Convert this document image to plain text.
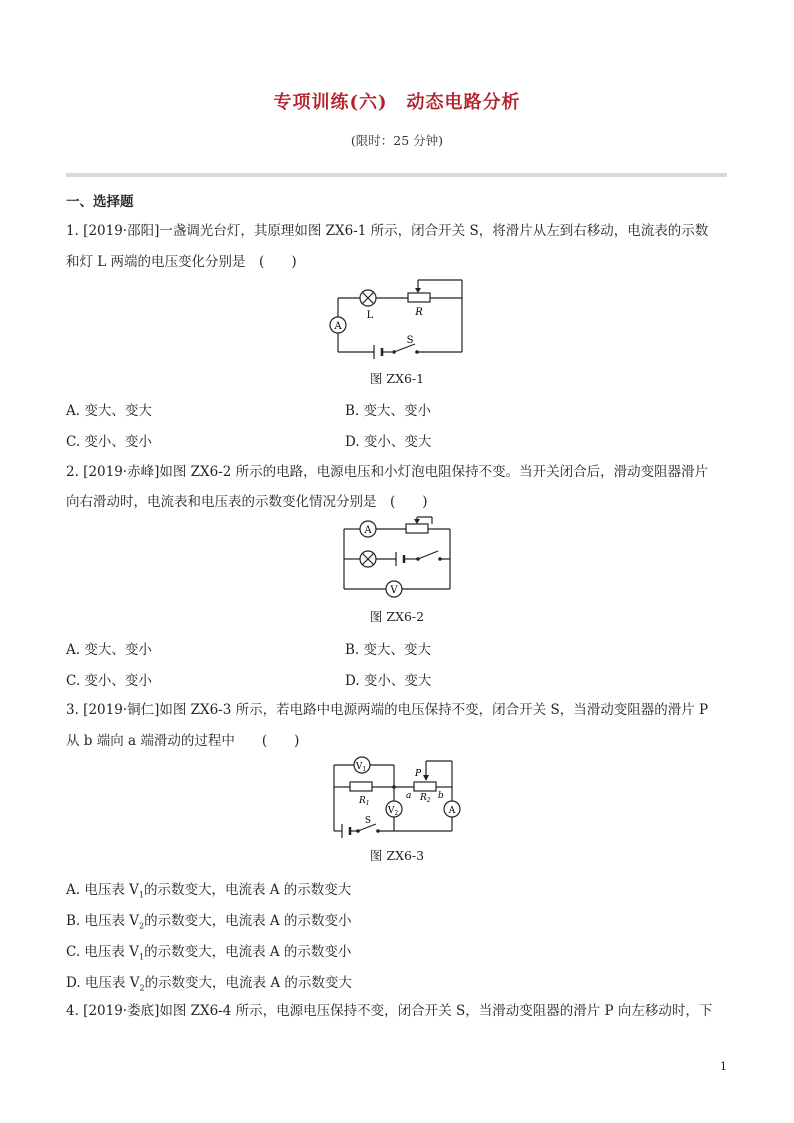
专项训练(六)　动态电路分析
(限时：25 分钟)
一、选择题
1. [2019·邵阳]一盏调光台灯，其原理如图 ZX6-1 所示，闭合开关 S，将滑片从左到右移动，电流表的示数
和灯 L 两端的电压变化分别是　(　　)
A
L	R
S
图 ZX6-1
A. 变大、变大	B. 变大、变小
C. 变小、变小	D. 变小、变大
2. [2019·赤峰]如图 ZX6-2 所示的电路，电源电压和小灯泡电阻保持不变。当开关闭合后，滑动变阻器滑片
向右滑动时，电流表和电压表的示数变化情况分别是　(　　)
A
V
图 ZX6-2
A. 变大、变小	B. 变大、变大
C. 变小、变小	D. 变小、变大
3. [2019·铜仁]如图 ZX6-3 所示，若电路中电源两端的电压保持不变，闭合开关 S，当滑动变阻器的滑片 P
从 b 端向 a 端滑动的过程中　　(　　)
$V_1$
$V_2$	A
S
$R_1$
$R_2$
P
a	b
图 ZX6-3
A. 电压表 $V_1$的示数变大，电流表 A 的示数变大
B. 电压表 $V_2$的示数变大，电流表 A 的示数变小
C. 电压表 $V_1$的示数变大，电流表 A 的示数变小
D. 电压表 $V_2$的示数变大，电流表 A 的示数变大
4. [2019·娄底]如图 ZX6-4 所示，电源电压保持不变，闭合开关 S，当滑动变阻器的滑片 P 向左移动时，下
1
